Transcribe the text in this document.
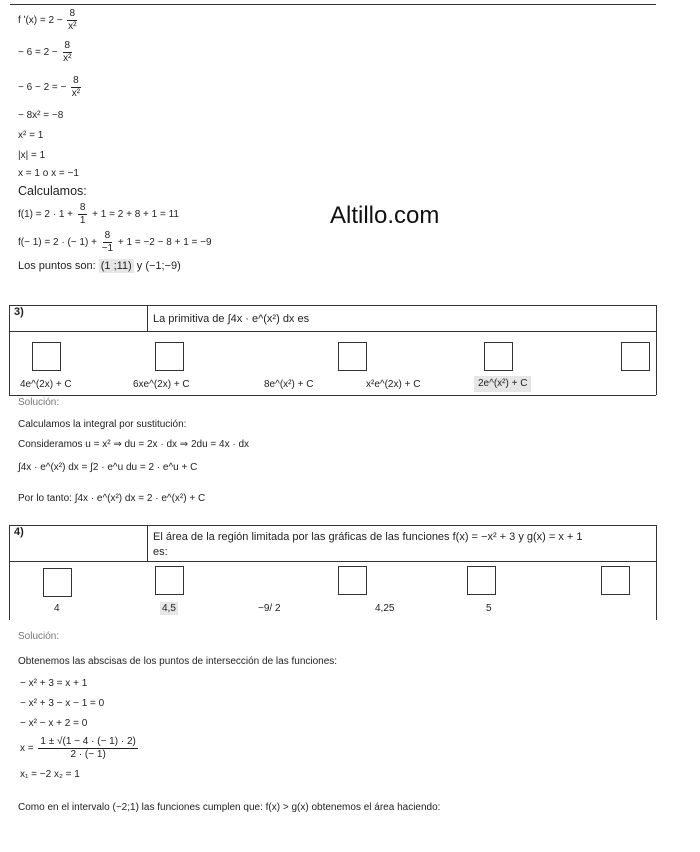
f ʹ(x) = $2 - \frac{8}{\text{x²}}$
− $6 = 2 - \frac{8}{\text{x²}}$
− 6 − 2 = − $\frac{8}{\text{x²}}$
− 8x² = −8
x² = 1
|x| = 1
x = 1 o x = −1
Calculamos:
$f(1) = 2 \cdot 1 + \frac{8}{1} + 1 = 2 + 8 + 1 = 11$
f(− 1) = 2 · (− $1) + \frac{8}{-1} + 1 = -2 - 8 + 1 = -9$
Los puntos son: (1 ;11) y (−1;−9)
Altillo.com
3)
La primitiva de ∫4x · e^(x²) dx es
4e^(2x) + C	6xe^(2x) + C	8e^(x²) + C	x²e^(2x) + C	2e^(x²) + C
Solución:
Calculamos la integral por sustitución:
Consideramos u = x² ⇒ du = 2x · dx ⇒ 2du = 4x · dx
∫4x · e^(x²) dx = ∫2 · e^u du = 2 · e^u + C
Por lo tanto: ∫4x · e^(x²) dx = 2 · e^(x²) + C
4)	El área de la región limitada por las gráficas de las funciones f(x) = −x² + 3 y g(x) = x + 1
es:
4	4,5	−9/ 2	4,25	5
Solución:
Obtenemos las abscisas de los puntos de intersección de las funciones:
− x² + 3 = x + 1
− x² + 3 − x − 1 = 0
− x² − x + 2 = 0
$x = \frac{1 \pm √(1 - 4 \cdot (- 1) \cdot 2)}{2 \cdot (- 1)}$
x₁ = −2 x₂ = 1
Como en el intervalo (−2;1) las funciones cumplen que: f(x) > g(x) obtenemos el área haciendo:
